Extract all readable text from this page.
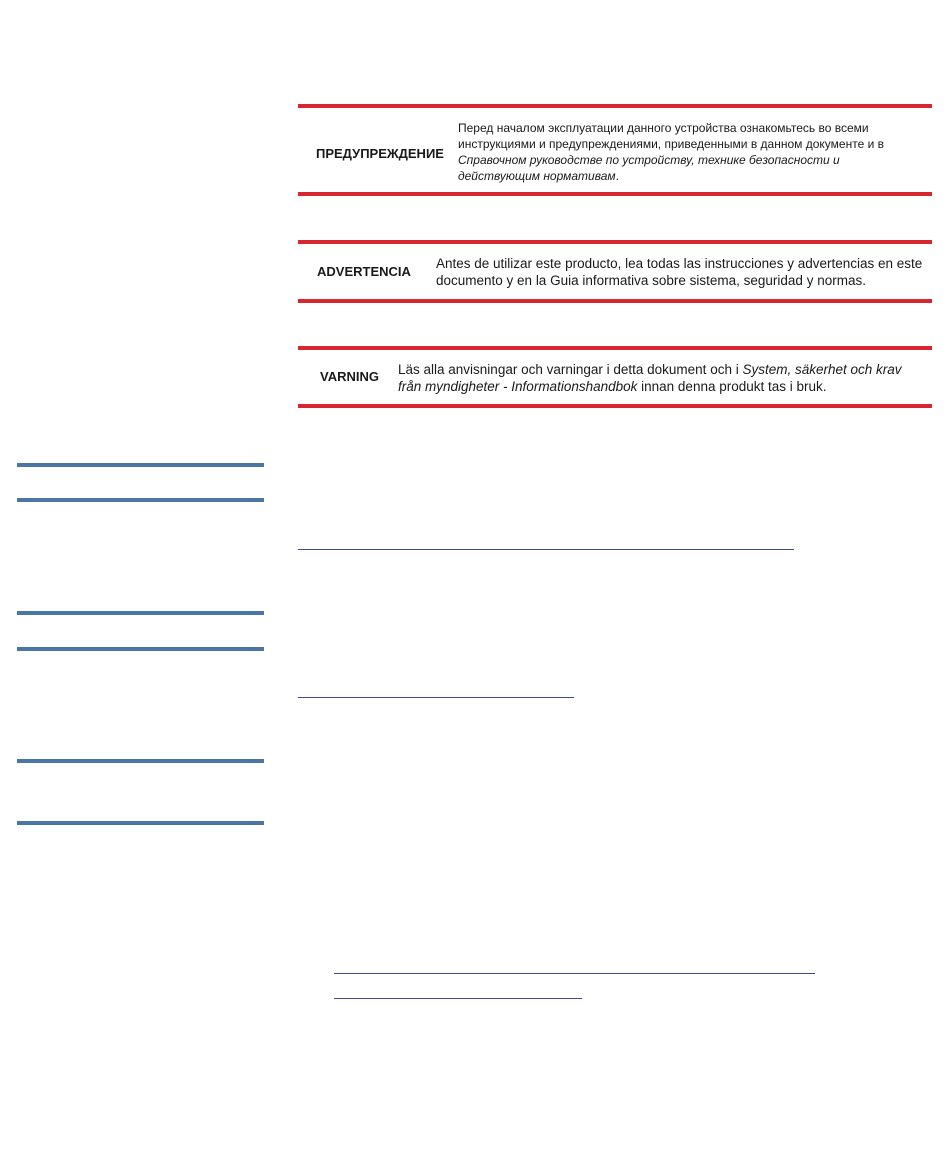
ПРЕДУПРЕЖДЕНИЕ
Перед началом эксплуатации данного устройства ознакомьтесь во всеми инструкциями и предупреждениями, приведенными в данном документе и в Справочном руководстве по устройству, технике безопасности и действующим нормативам.
ADVERTENCIA
Antes de utilizar este producto, lea todas las instrucciones y advertencias en este documento y en la Guia informativa sobre sistema, seguridad y normas.
VARNING Läs alla anvisningar och varningar i detta dokument och i System, säkerhet och krav från myndigheter - Informationshandbok innan denna produkt tas i bruk.
